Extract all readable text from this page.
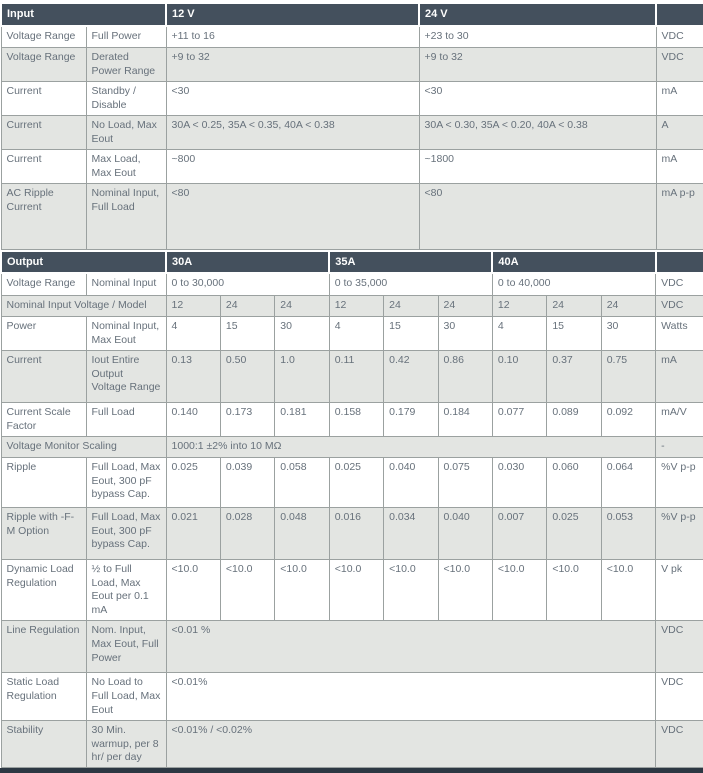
Input		12 V	24 V	
Voltage Range	Full Power	+11 to 16	+23 to 30	VDC
Voltage Range	Derated Power Range	+9 to 32	+9 to 32	VDC
Current	Standby / Disable	<30	<30	mA
Current	No Load, Max Eout	30A < 0.25, 35A < 0.35, 40A < 0.38	30A < 0.30, 35A < 0.20, 40A < 0.38	A
Current	Max Load, Max Eout	~800	~1800	mA
AC Ripple Current	Nominal Input, Full Load	<80	<80	mA p-p
Output		30A			35A			40A			
Voltage Range	Nominal Input	0 to 30,000			0 to 35,000			0 to 40,000			VDC
Nominal Input Voltage / Model		12	24	24	12	24	24	12	24	24	VDC
Power	Nominal Input, Max Eout	4	15	30	4	15	30	4	15	30	Watts
Current	Iout Entire Output Voltage Range	0.13	0.50	1.0	0.11	0.42	0.86	0.10	0.37	0.75	mA
Current Scale Factor	Full Load	0.140	0.173	0.181	0.158	0.179	0.184	0.077	0.089	0.092	mA/V
Voltage Monitor Scaling		1000:1 ±2% into 10 MΩ									-
Ripple	Full Load, Max Eout, 300 pF bypass Cap.	0.025	0.039	0.058	0.025	0.040	0.075	0.030	0.060	0.064	%V p-p
Ripple with -F-M Option	Full Load, Max Eout, 300 pF bypass Cap.	0.021	0.028	0.048	0.016	0.034	0.040	0.007	0.025	0.053	%V p-p
Dynamic Load Regulation	½ to Full Load, Max Eout per 0.1 mA	<10.0	<10.0	<10.0	<10.0	<10.0	<10.0	<10.0	<10.0	<10.0	V pk
Line Regulation	Nom. Input, Max Eout, Full Power	<0.01 %									VDC
Static Load Regulation	No Load to Full Load, Max Eout	<0.01%									VDC
Stability	30 Min. warmup, per 8 hr/ per day	<0.01% / <0.02%									VDC
